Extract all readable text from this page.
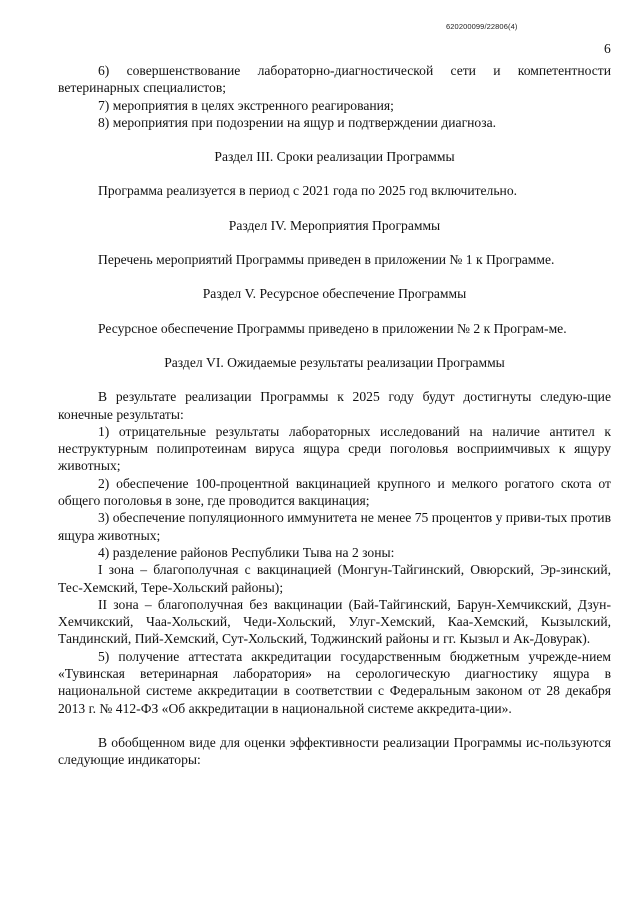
620200099/22806(4)
6

6) совершенствование лабораторно-диагностической сети и компетентности ветеринарных специалистов;

7) мероприятия в целях экстренного реагирования;

8) мероприятия при подозрении на ящур и подтверждении диагноза.

Раздел III. Сроки реализации Программы

Программа реализуется в период с 2021 года по 2025 год включительно.

Раздел IV. Мероприятия Программы

Перечень мероприятий Программы приведен в приложении № 1 к Программе.

Раздел V. Ресурсное обеспечение Программы

Ресурсное обеспечение Программы приведено в приложении № 2 к Програм-ме.

Раздел VI. Ожидаемые результаты реализации Программы

В результате реализации Программы к 2025 году будут достигнуты следую-щие конечные результаты:

1) отрицательные результаты лабораторных исследований на наличие антител к неструктурным полипротеинам вируса ящура среди поголовья восприимчивых к ящуру животных;

2) обеспечение 100-процентной вакцинацией крупного и мелкого рогатого скота от общего поголовья в зоне, где проводится вакцинация;

3) обеспечение популяционного иммунитета не менее 75 процентов у приви-тых против ящура животных;

4) разделение районов Республики Тыва на 2 зоны:

I зона – благополучная с вакцинацией (Монгун-Тайгинский, Овюрский, Эр-зинский, Тес-Хемский, Тере-Хольский районы);

II зона – благополучная без вакцинации (Бай-Тайгинский, Барун-Хемчикский, Дзун-Хемчикский, Чаа-Хольский, Чеди-Хольский, Улуг-Хемский, Каа-Хемский, Кызылский, Тандинский, Пий-Хемский, Сут-Хольский, Тоджинский районы и гг. Кызыл и Ак-Довурак).

5) получение аттестата аккредитации государственным бюджетным учрежде-нием «Тувинская ветеринарная лаборатория» на серологическую диагностику ящура в национальной системе аккредитации в соответствии с Федеральным законом от 28 декабря 2013 г. № 412-ФЗ «Об аккредитации в национальной системе аккредита-ции».

В обобщенном виде для оценки эффективности реализации Программы ис-пользуются следующие индикаторы:
